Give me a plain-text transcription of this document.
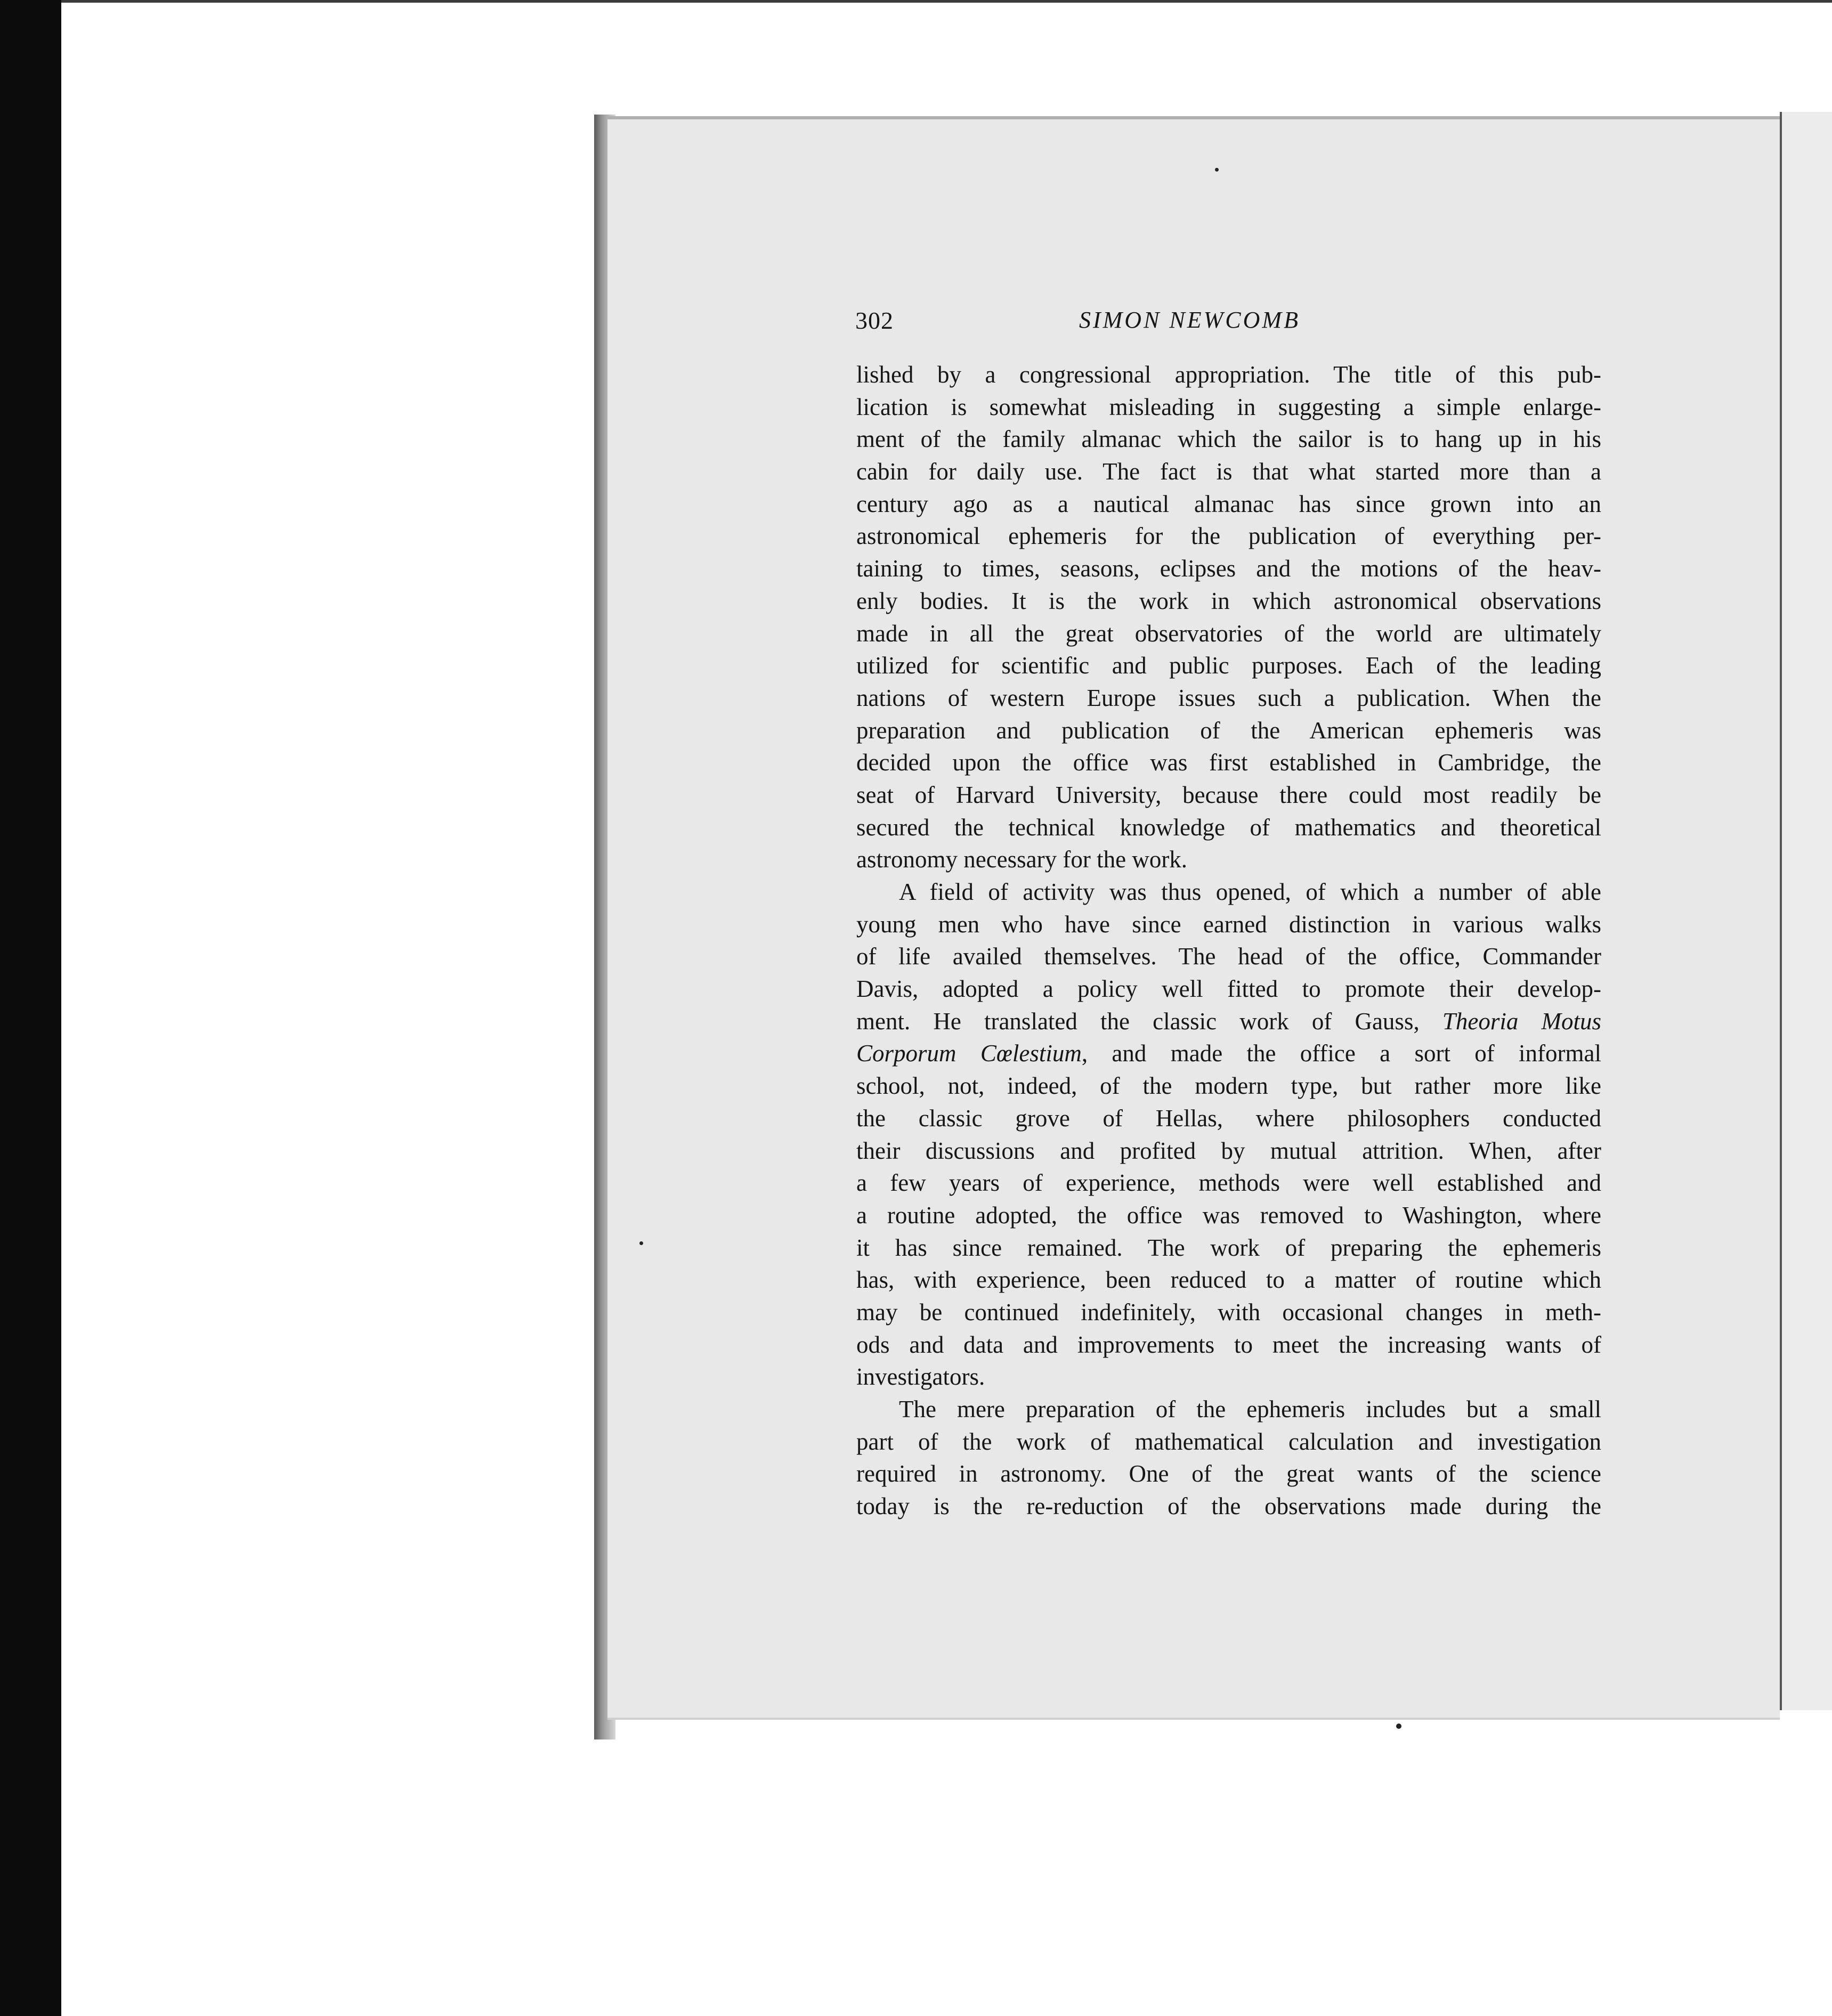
302	SIMON NEWCOMB
lished by a congressional appropriation. The title of this pub-
lication is somewhat misleading in suggesting a simple enlarge-
ment of the family almanac which the sailor is to hang up in his
cabin for daily use. The fact is that what started more than a
century ago as a nautical almanac has since grown into an
astronomical ephemeris for the publication of everything per-
taining to times, seasons, eclipses and the motions of the heav-
enly bodies. It is the work in which astronomical observations
made in all the great observatories of the world are ultimately
utilized for scientific and public purposes. Each of the leading
nations of western Europe issues such a publication. When the
preparation and publication of the American ephemeris was
decided upon the office was first established in Cambridge, the
seat of Harvard University, because there could most readily be
secured the technical knowledge of mathematics and theoretical
astronomy necessary for the work.
A field of activity was thus opened, of which a number of able
young men who have since earned distinction in various walks
of life availed themselves. The head of the office, Commander
Davis, adopted a policy well fitted to promote their develop-
ment. He translated the classic work of Gauss, Theoria Motus
Corporum Cœlestium, and made the office a sort of informal
school, not, indeed, of the modern type, but rather more like
the classic grove of Hellas, where philosophers conducted
their discussions and profited by mutual attrition. When, after
a few years of experience, methods were well established and
a routine adopted, the office was removed to Washington, where
it has since remained. The work of preparing the ephemeris
has, with experience, been reduced to a matter of routine which
may be continued indefinitely, with occasional changes in meth-
ods and data and improvements to meet the increasing wants of
investigators.
The mere preparation of the ephemeris includes but a small
part of the work of mathematical calculation and investigation
required in astronomy. One of the great wants of the science
today is the re-reduction of the observations made during the
